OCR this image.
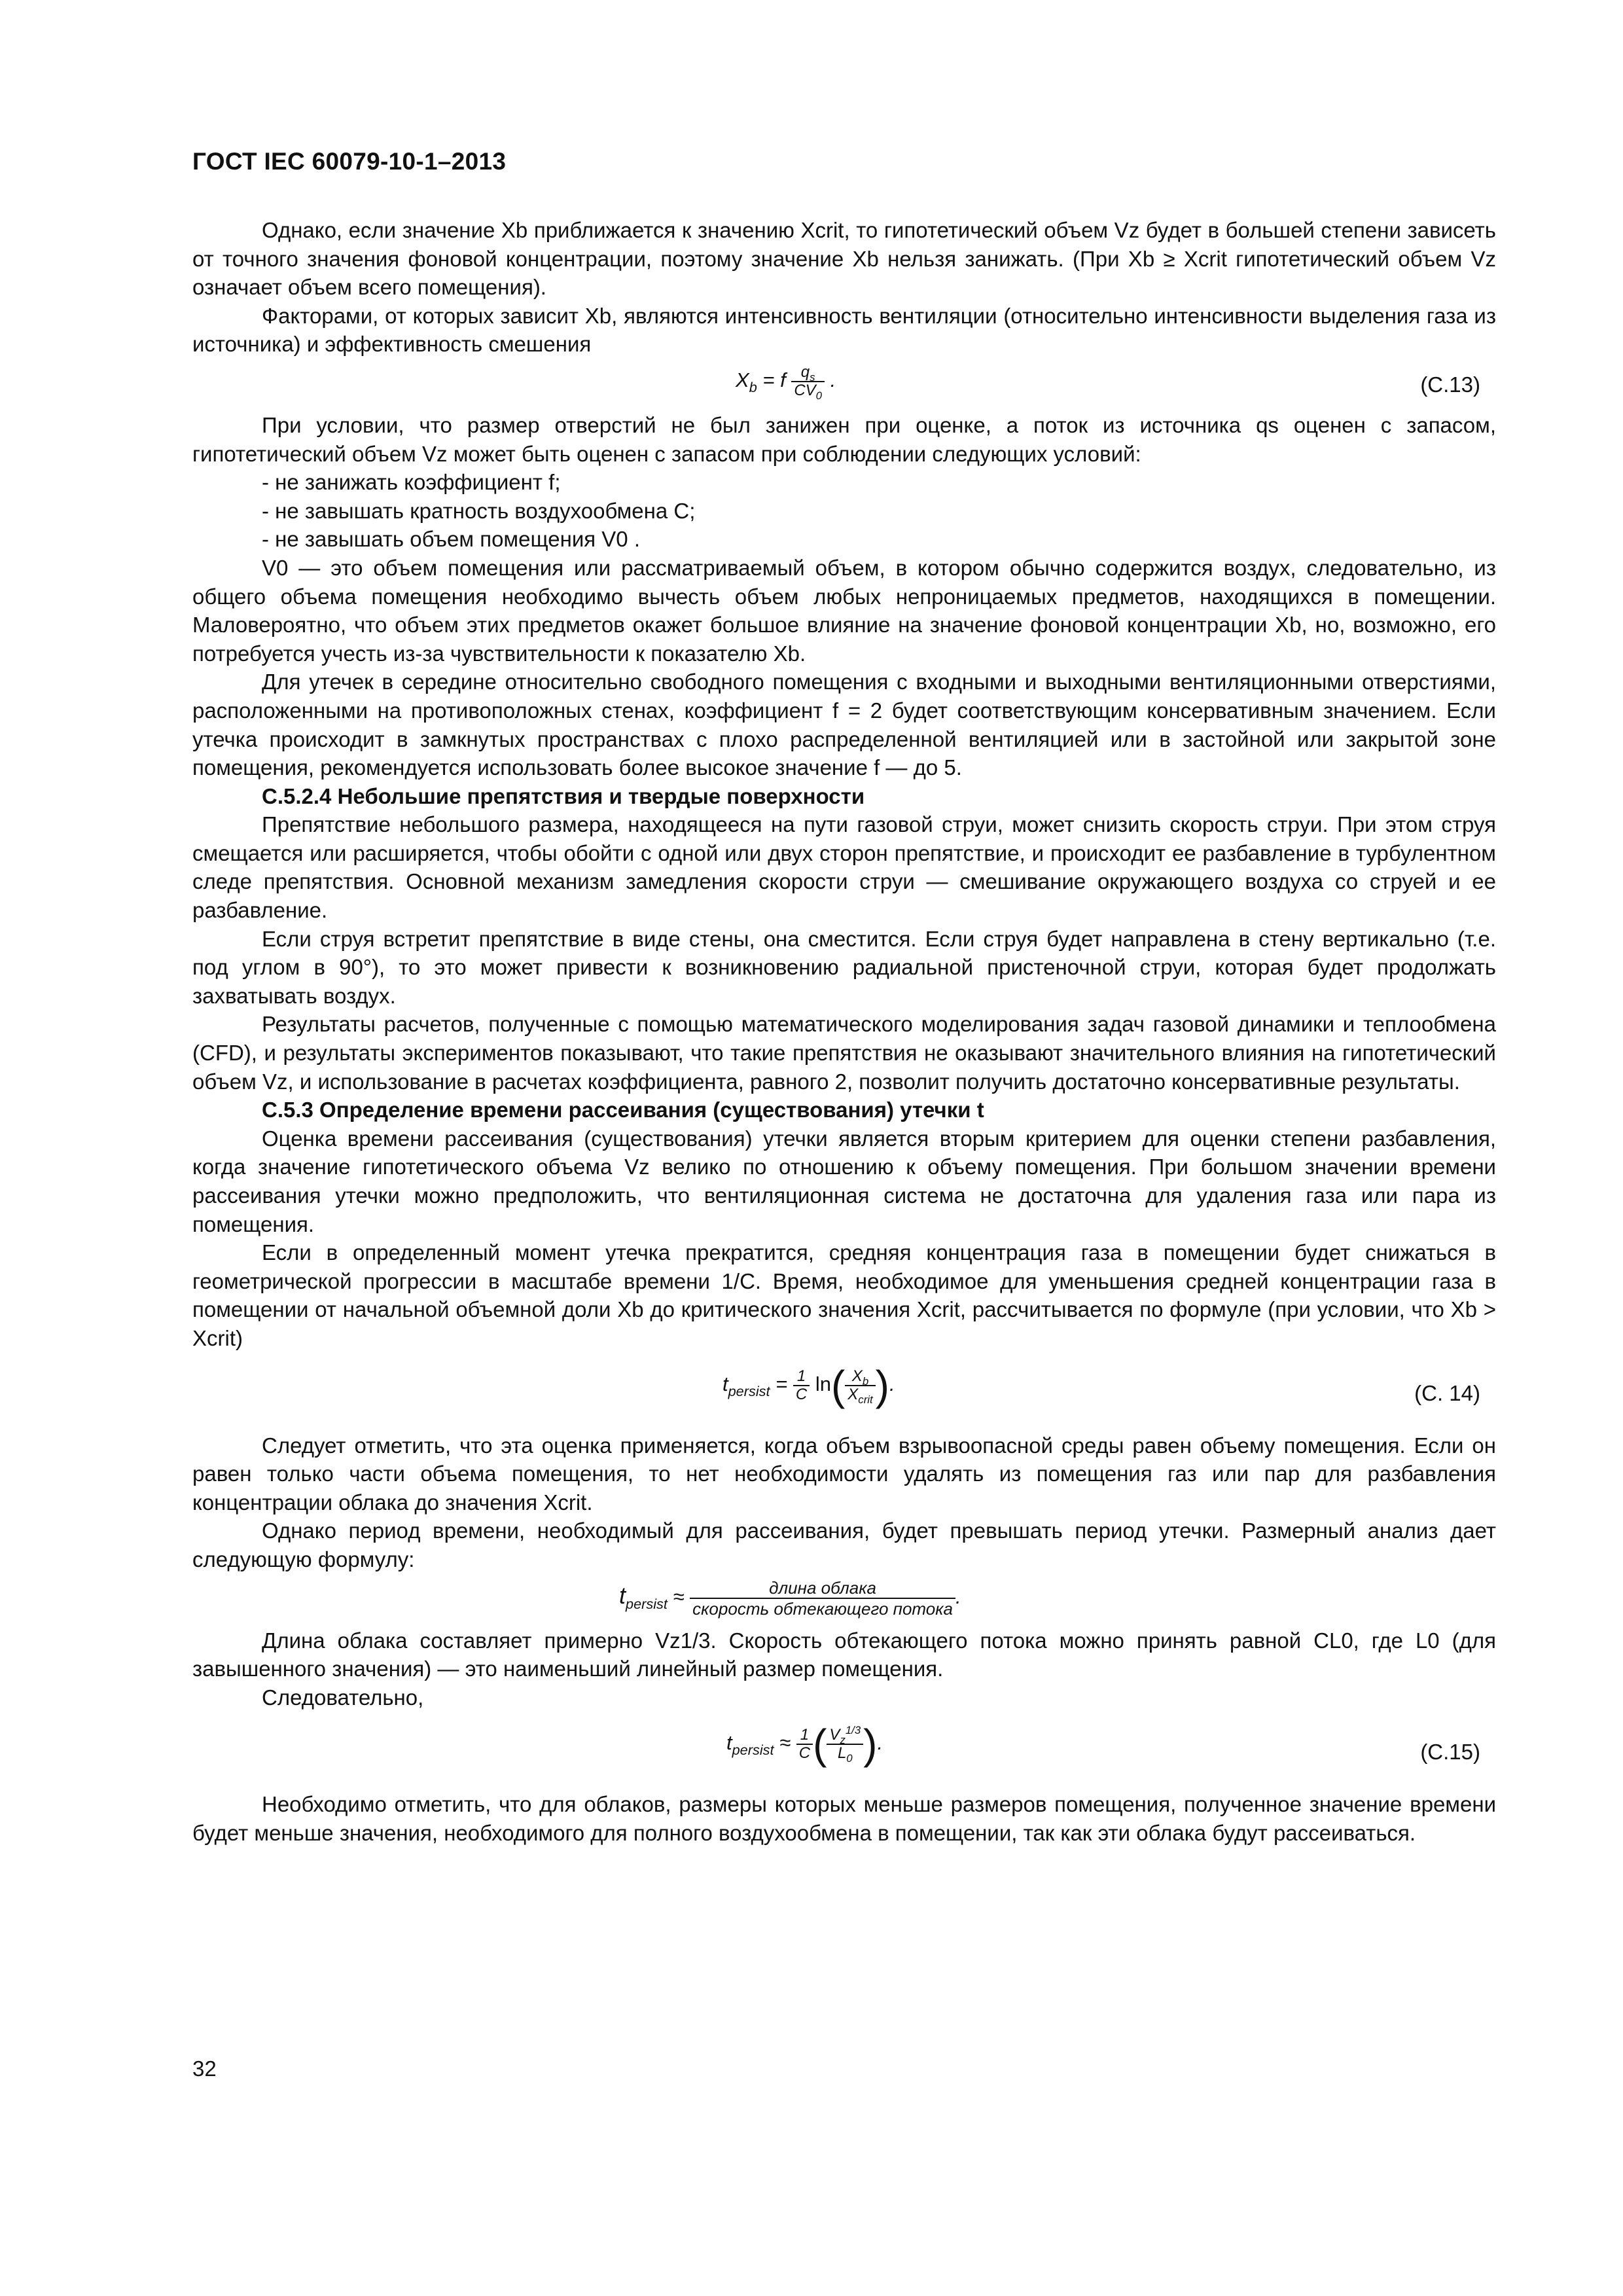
ГОСТ IEC 60079-10-1–2013

Однако, если значение Xb приближается к значению Xcrit, то гипотетический объем Vz будет в большей степени зависеть от точного значения фоновой концентрации, поэтому значение Xb нельзя занижать. (При Xb ≥ Xcrit гипотетический объем Vz означает объем всего помещения).

Факторами, от которых зависит Xb, являются интенсивность вентиляции (относительно интенсивности выделения газа из источника) и эффективность смешения

$X_b = f \frac{q_s}{CV_0}$ .	(C.13)

При условии, что размер отверстий не был занижен при оценке, а поток из источника qs оценен с запасом, гипотетический объем Vz может быть оценен с запасом при соблюдении следующих условий:

- не занижать коэффициент f;

- не завышать кратность воздухообмена C;

- не завышать объем помещения V0 .

V0 — это объем помещения или рассматриваемый объем, в котором обычно содержится воздух, следовательно, из общего объема помещения необходимо вычесть объем любых непроницаемых предметов, находящихся в помещении. Маловероятно, что объем этих предметов окажет большое влияние на значение фоновой концентрации Xb, но, возможно, его потребуется учесть из-за чувствительности к показателю Xb.

Для утечек в середине относительно свободного помещения с входными и выходными вентиляционными отверстиями, расположенными на противоположных стенах, коэффициент f = 2 будет соответствующим консервативным значением. Если утечка происходит в замкнутых пространствах с плохо распределенной вентиляцией или в застойной или закрытой зоне помещения, рекомендуется использовать более высокое значение f — до 5.

C.5.2.4 Небольшие препятствия и твердые поверхности

Препятствие небольшого размера, находящееся на пути газовой струи, может снизить скорость струи. При этом струя смещается или расширяется, чтобы обойти с одной или двух сторон препятствие, и происходит ее разбавление в турбулентном следе препятствия. Основной механизм замедления скорости струи — смешивание окружающего воздуха со струей и ее разбавление.

Если струя встретит препятствие в виде стены, она сместится. Если струя будет направлена в стену вертикально (т.е. под углом в 90°), то это может привести к возникновению радиальной пристеночной струи, которая будет продолжать захватывать воздух.

Результаты расчетов, полученные с помощью математического моделирования задач газовой динамики и теплообмена (CFD), и результаты экспериментов показывают, что такие препятствия не оказывают значительного влияния на гипотетический объем Vz, и использование в расчетах коэффициента, равного 2, позволит получить достаточно консервативные результаты.

C.5.3 Определение времени рассеивания (существования) утечки t

Оценка времени рассеивания (существования) утечки является вторым критерием для оценки степени разбавления, когда значение гипотетического объема Vz велико по отношению к объему помещения. При большом значении времени рассеивания утечки можно предположить, что вентиляционная система не достаточна для удаления газа или пара из помещения.

Если в определенный момент утечка прекратится, средняя концентрация газа в помещении будет снижаться в геометрической прогрессии в масштабе времени 1/C. Время, необходимое для уменьшения средней концентрации газа в помещении от начальной объемной доли Xb до критического значения Xcrit, рассчитывается по формуле (при условии, что Xb > Xcrit)

$t_{persist} = \frac{1}{C} \ln( \frac{X_b}{X_{crit}}$ ).	(C. 14)

Следует отметить, что эта оценка применяется, когда объем взрывоопасной среды равен объему помещения. Если он равен только части объема помещения, то нет необходимости удалять из помещения газ или пар для разбавления концентрации облака до значения Xcrit.

Однако период времени, необходимый для рассеивания, будет превышать период утечки. Размерный анализ дает следующую формулу:

$t_{persist} \approx \frac{\text{длина облака}}{\text{скорость обтекающего потока}}$ .

Длина облака составляет примерно Vz1/3. Скорость обтекающего потока можно принять равной CL0, где L0 (для завышенного значения) — это наименьший линейный размер помещения.

Следовательно,

$t_{persist} \approx \frac{1}{C}$ ( $\frac{V_z^{1/3}}{L_0}$ ).	(C.15)

Необходимо отметить, что для облаков, размеры которых меньше размеров помещения, полученное значение времени будет меньше значения, необходимого для полного воздухообмена в помещении, так как эти облака будут рассеиваться.

32
